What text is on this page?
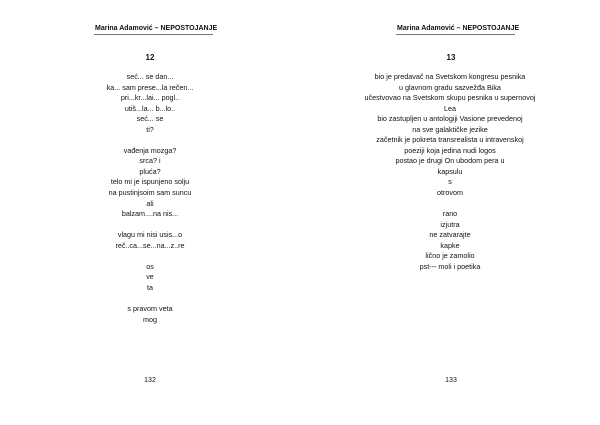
Marina Adamović – NEPOSTOJANJE
12
seć... se dan...
ka... sam prese...la rečen...
pri...kr...lai... pogl..
utiš...la... b...lo..
seć... se
ti?
vađenja mozga?
srca? i
pluća?
telo mi je ispunjeno solju
na pustinjsoim sam suncu
ali
balzam....na nis...
vlagu mi nisi usis...o
reč..ca...se...na...z..re
os
ve
ta
s pravom veta
mog
132
Marina Adamović – NEPOSTOJANJE
13
bio je predavač na Svetskom kongresu pesnika
u glavnom gradu sazvežđa Bika
učestvovao na Svetskom skupu pesnika u supernovoj
Lea
bio zastupljen u antologiji Vasione prevedenoj
na sve galaktičke jezike
začetnik je pokreta transrealista u intravenskoj
poeziji koja jedina nudi logos
postao je drugi On ubodom pera u
kapsulu
s
otrovom
rano
izjutra
ne zatvarajte
kapke
lično je zamolio
pst--- moli i poetika
133
